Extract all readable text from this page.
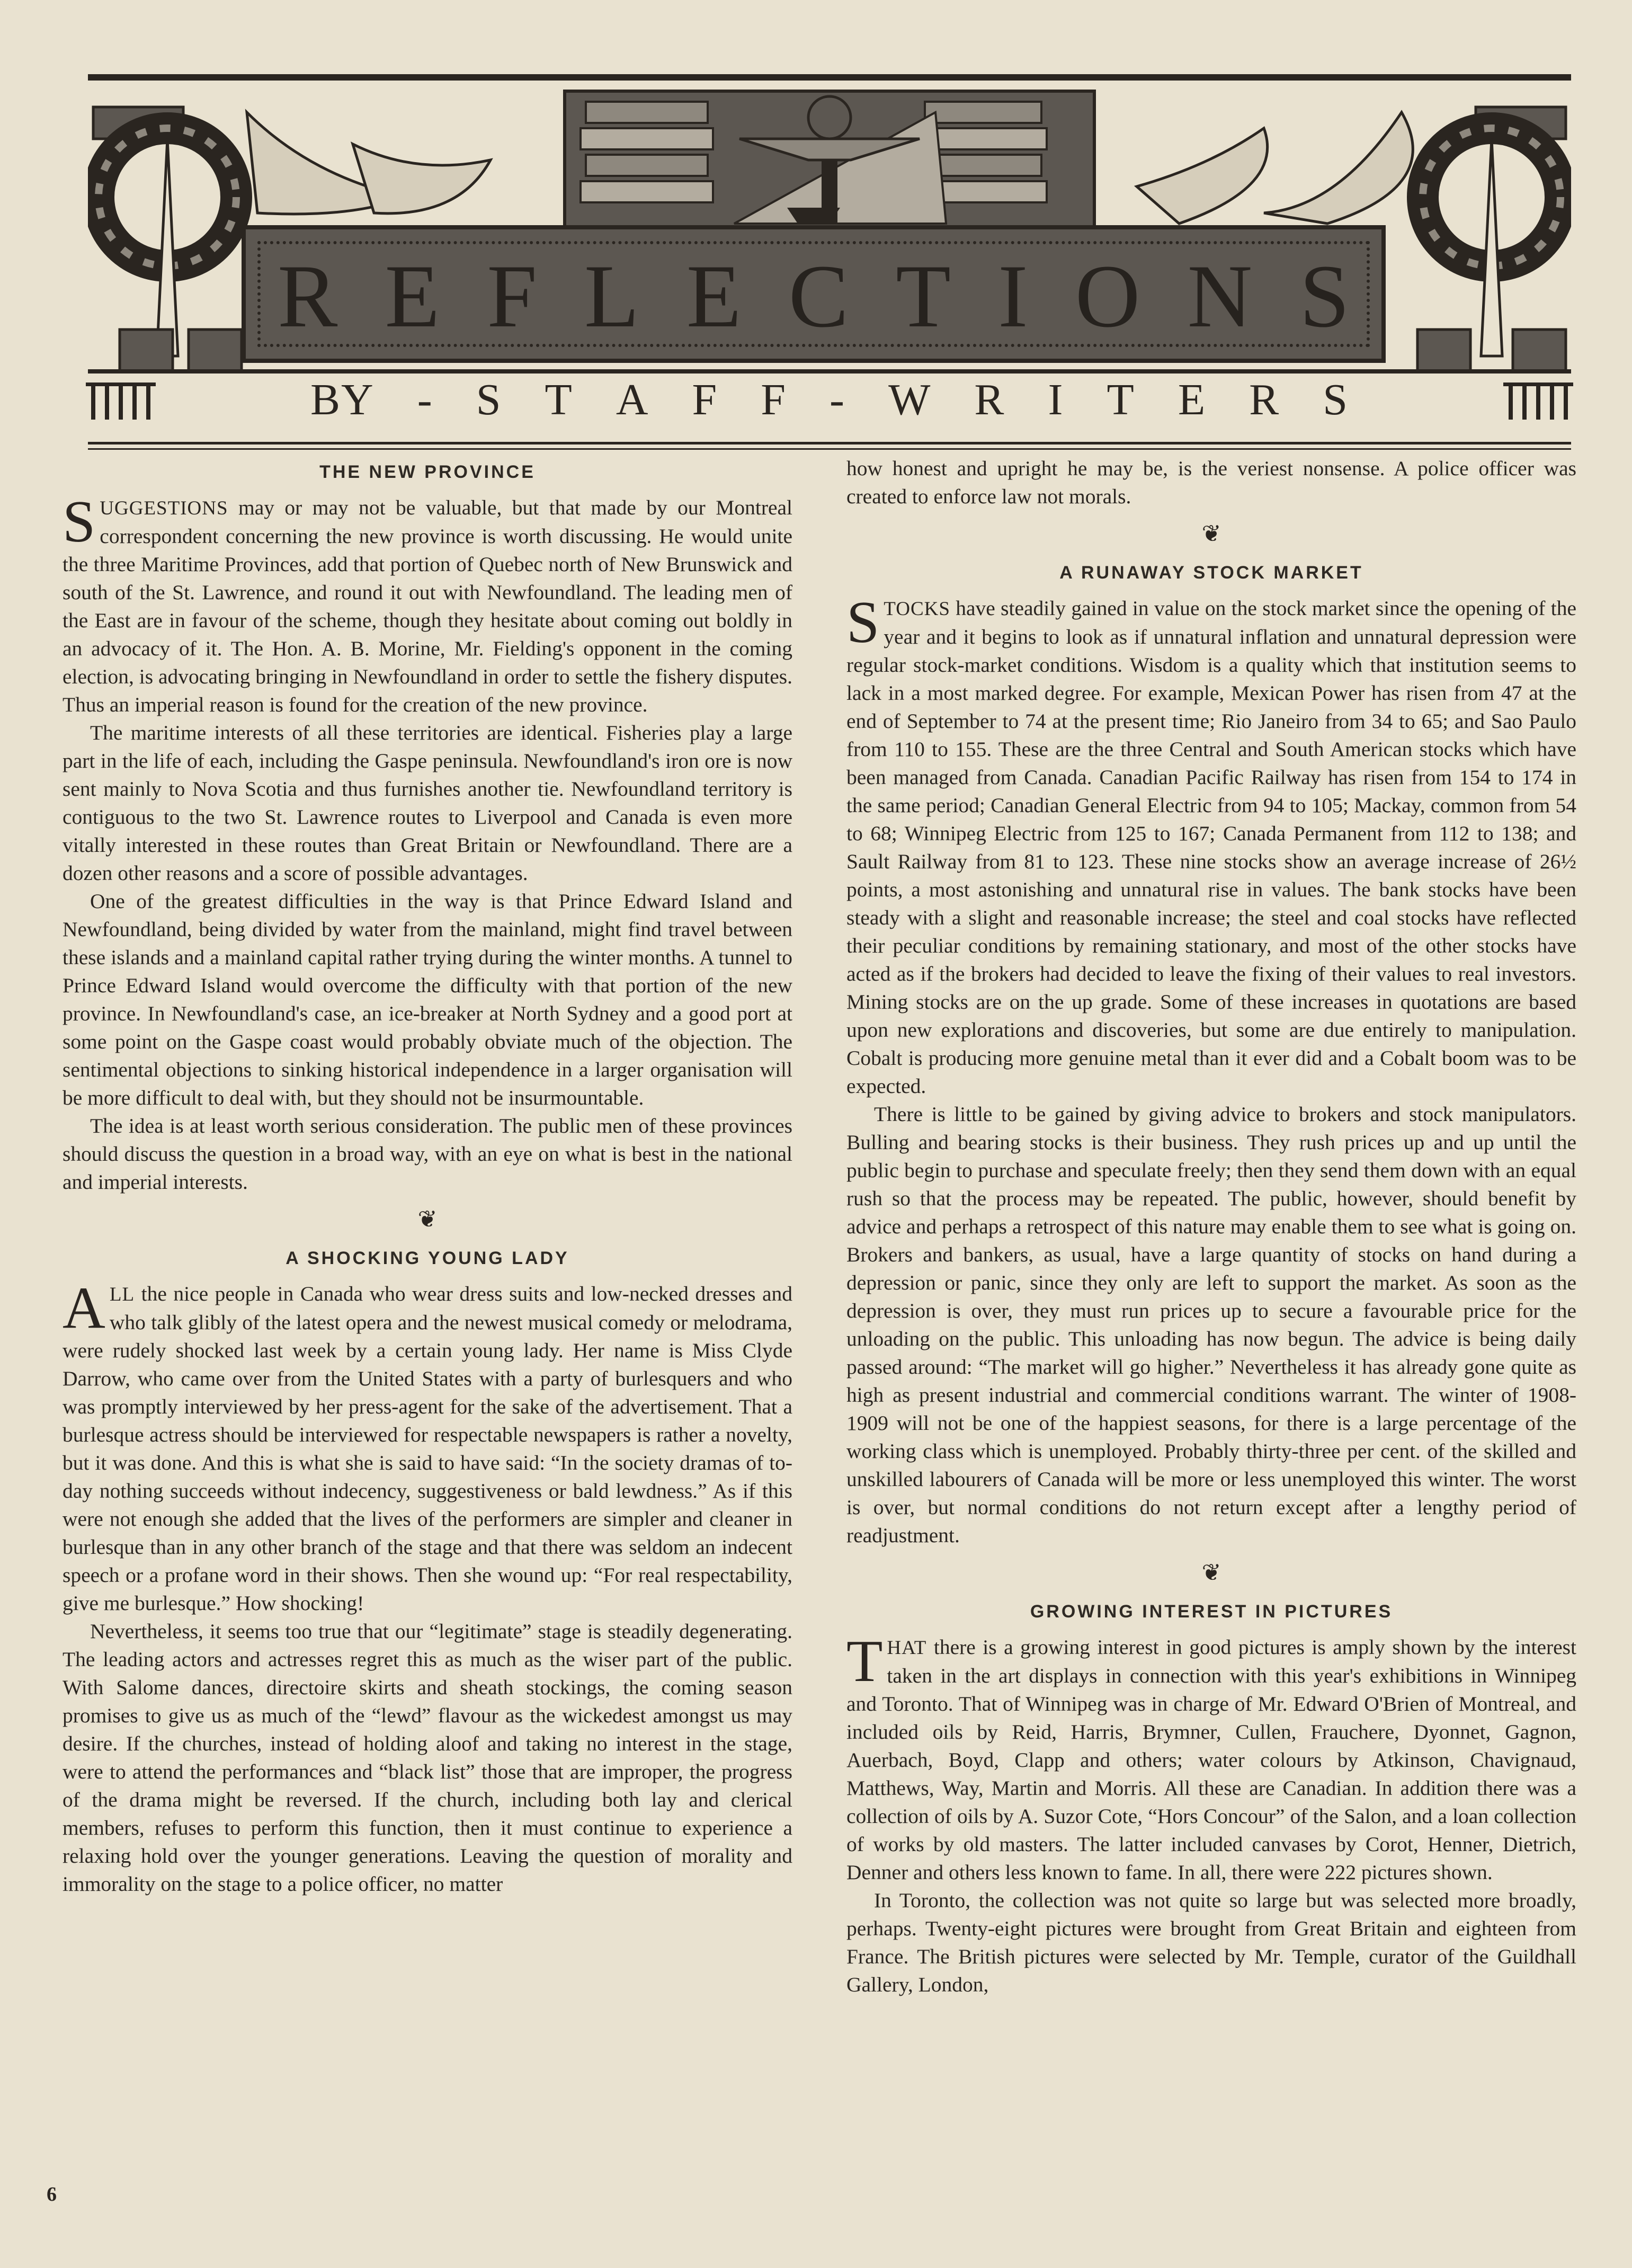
R E F L E C T I O N S
BY - S T A F F - W R I T E R S
THE NEW PROVINCE

SUGGESTIONS may or may not be valuable, but that made by our Montreal correspondent concerning the new province is worth discussing. He would unite the three Maritime Provinces, add that portion of Quebec north of New Brunswick and south of the St. Lawrence, and round it out with Newfoundland. The leading men of the East are in favour of the scheme, though they hesitate about coming out boldly in an advocacy of it. The Hon. A. B. Morine, Mr. Fielding's opponent in the coming election, is advocating bringing in Newfoundland in order to settle the fishery disputes. Thus an imperial reason is found for the creation of the new province.

The maritime interests of all these territories are identical. Fisheries play a large part in the life of each, including the Gaspe peninsula. Newfoundland's iron ore is now sent mainly to Nova Scotia and thus furnishes another tie. Newfoundland territory is contiguous to the two St. Lawrence routes to Liverpool and Canada is even more vitally interested in these routes than Great Britain or Newfoundland. There are a dozen other reasons and a score of possible advantages.

One of the greatest difficulties in the way is that Prince Edward Island and Newfoundland, being divided by water from the mainland, might find travel between these islands and a mainland capital rather trying during the winter months. A tunnel to Prince Edward Island would overcome the difficulty with that portion of the new province. In Newfoundland's case, an ice-breaker at North Sydney and a good port at some point on the Gaspe coast would probably obviate much of the objection. The sentimental objections to sinking historical independence in a larger organisation will be more difficult to deal with, but they should not be insurmountable.

The idea is at least worth serious consideration. The public men of these provinces should discuss the question in a broad way, with an eye on what is best in the national and imperial interests.

❦
A SHOCKING YOUNG LADY

ALL the nice people in Canada who wear dress suits and low-necked dresses and who talk glibly of the latest opera and the newest musical comedy or melodrama, were rudely shocked last week by a certain young lady. Her name is Miss Clyde Darrow, who came over from the United States with a party of burlesquers and who was promptly interviewed by her press-agent for the sake of the advertisement. That a burlesque actress should be interviewed for respectable newspapers is rather a novelty, but it was done. And this is what she is said to have said: “In the society dramas of to-day nothing succeeds without indecency, suggestiveness or bald lewdness.” As if this were not enough she added that the lives of the performers are simpler and cleaner in burlesque than in any other branch of the stage and that there was seldom an indecent speech or a profane word in their shows. Then she wound up: “For real respectability, give me burlesque.” How shocking!

Nevertheless, it seems too true that our “legitimate” stage is steadily degenerating. The leading actors and actresses regret this as much as the wiser part of the public. With Salome dances, directoire skirts and sheath stockings, the coming season promises to give us as much of the “lewd” flavour as the wickedest amongst us may desire. If the churches, instead of holding aloof and taking no interest in the stage, were to attend the performances and “black list” those that are improper, the progress of the drama might be reversed. If the church, including both lay and clerical members, refuses to perform this function, then it must continue to experience a relaxing hold over the younger generations. Leaving the question of morality and immorality on the stage to a police officer, no matter

how honest and upright he may be, is the veriest nonsense. A police officer was created to enforce law not morals.

❦
A RUNAWAY STOCK MARKET

STOCKS have steadily gained in value on the stock market since the opening of the year and it begins to look as if unnatural inflation and unnatural depression were regular stock-market conditions. Wisdom is a quality which that institution seems to lack in a most marked degree. For example, Mexican Power has risen from 47 at the end of September to 74 at the present time; Rio Janeiro from 34 to 65; and Sao Paulo from 110 to 155. These are the three Central and South American stocks which have been managed from Canada. Canadian Pacific Railway has risen from 154 to 174 in the same period; Canadian General Electric from 94 to 105; Mackay, common from 54 to 68; Winnipeg Electric from 125 to 167; Canada Permanent from 112 to 138; and Sault Railway from 81 to 123. These nine stocks show an average increase of 26½ points, a most astonishing and unnatural rise in values. The bank stocks have been steady with a slight and reasonable increase; the steel and coal stocks have reflected their peculiar conditions by remaining stationary, and most of the other stocks have acted as if the brokers had decided to leave the fixing of their values to real investors. Mining stocks are on the up grade. Some of these increases in quotations are based upon new explorations and discoveries, but some are due entirely to manipulation. Cobalt is producing more genuine metal than it ever did and a Cobalt boom was to be expected.

There is little to be gained by giving advice to brokers and stock manipulators. Bulling and bearing stocks is their business. They rush prices up and up until the public begin to purchase and speculate freely; then they send them down with an equal rush so that the process may be repeated. The public, however, should benefit by advice and perhaps a retrospect of this nature may enable them to see what is going on. Brokers and bankers, as usual, have a large quantity of stocks on hand during a depression or panic, since they only are left to support the market. As soon as the depression is over, they must run prices up to secure a favourable price for the unloading on the public. This unloading has now begun. The advice is being daily passed around: “The market will go higher.” Nevertheless it has already gone quite as high as present industrial and commercial conditions warrant. The winter of 1908-1909 will not be one of the happiest seasons, for there is a large percentage of the working class which is unemployed. Probably thirty-three per cent. of the skilled and unskilled labourers of Canada will be more or less unemployed this winter. The worst is over, but normal conditions do not return except after a lengthy period of readjustment.

❦
GROWING INTEREST IN PICTURES

THAT there is a growing interest in good pictures is amply shown by the interest taken in the art displays in connection with this year's exhibitions in Winnipeg and Toronto. That of Winnipeg was in charge of Mr. Edward O'Brien of Montreal, and included oils by Reid, Harris, Brymner, Cullen, Frauchere, Dyonnet, Gagnon, Auerbach, Boyd, Clapp and others; water colours by Atkinson, Chavignaud, Matthews, Way, Martin and Morris. All these are Canadian. In addition there was a collection of oils by A. Suzor Cote, “Hors Concour” of the Salon, and a loan collection of works by old masters. The latter included canvases by Corot, Henner, Dietrich, Denner and others less known to fame. In all, there were 222 pictures shown.

In Toronto, the collection was not quite so large but was selected more broadly, perhaps. Twenty-eight pictures were brought from Great Britain and eighteen from France. The British pictures were selected by Mr. Temple, curator of the Guildhall Gallery, London,

6
